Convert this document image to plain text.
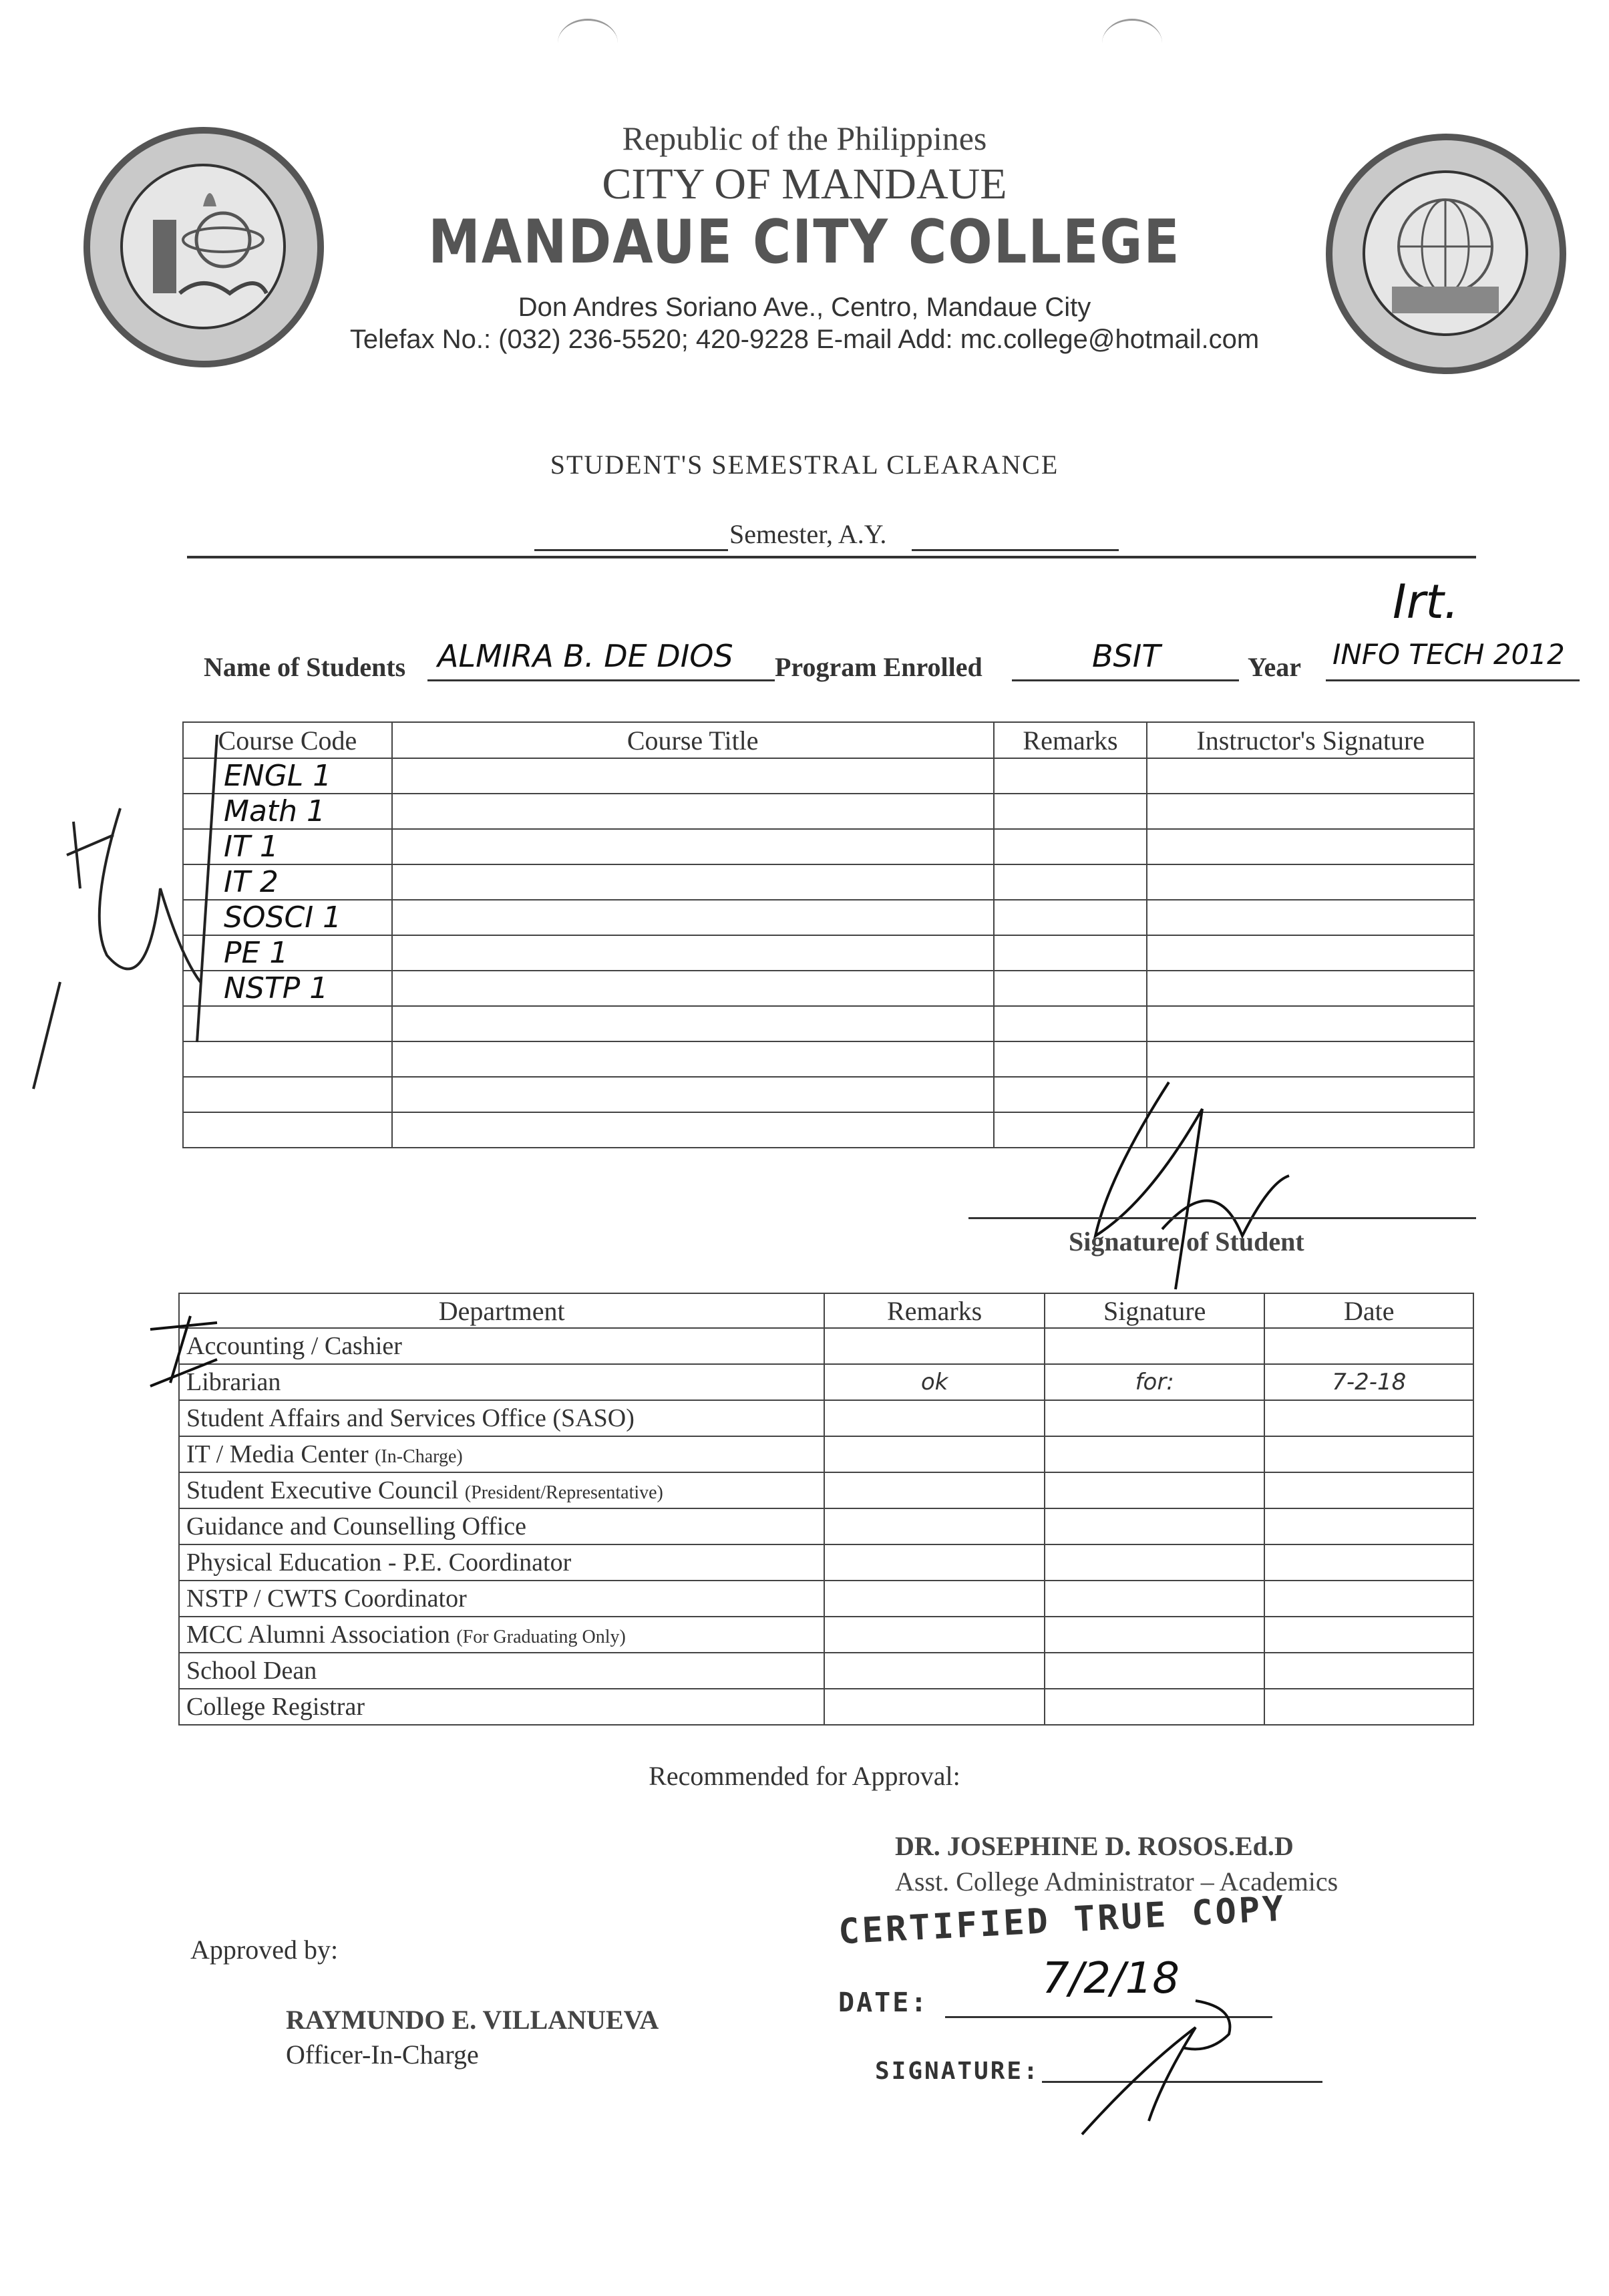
Republic of the Philippines
CITY OF MANDAUE
MANDAUE CITY COLLEGE
Don Andres Soriano Ave., Centro, Mandaue City
Telefax No.: (032) 236-5520; 420-9228 E-mail Add: mc.college@hotmail.com
STUDENT'S SEMESTRAL CLEARANCE
Semester, A.Y.
Irt.
Name of Students	ALMIRA B. DE DIOS	Program Enrolled	BSIT	Year INFO TECH 2012
Course Code	Course Title	Remarks	Instructor's Signature
ENGL 1			
Math 1			
IT 1			
IT 2			
SOSCI 1			
PE 1			
NSTP 1			

Signature of Student
Department	Remarks	Signature	Date
Accounting / Cashier			
Librarian	ok	for:	7-2-18
Student Affairs and Services Office (SASO)			
IT / Media Center (In-Charge)			
Student Executive Council (President/Representative)			
Guidance and Counselling Office			
Physical Education - P.E. Coordinator			
NSTP / CWTS Coordinator			
MCC Alumni Association (For Graduating Only)			
School Dean			
College Registrar			
Recommended for Approval:
DR. JOSEPHINE D. ROSOS.Ed.D
Asst. College Administrator – Academics
Approved by:
RAYMUNDO E. VILLANUEVA
Officer-In-Charge
CERTIFIED TRUE COPY
DATE:	7/2/18
SIGNATURE:
